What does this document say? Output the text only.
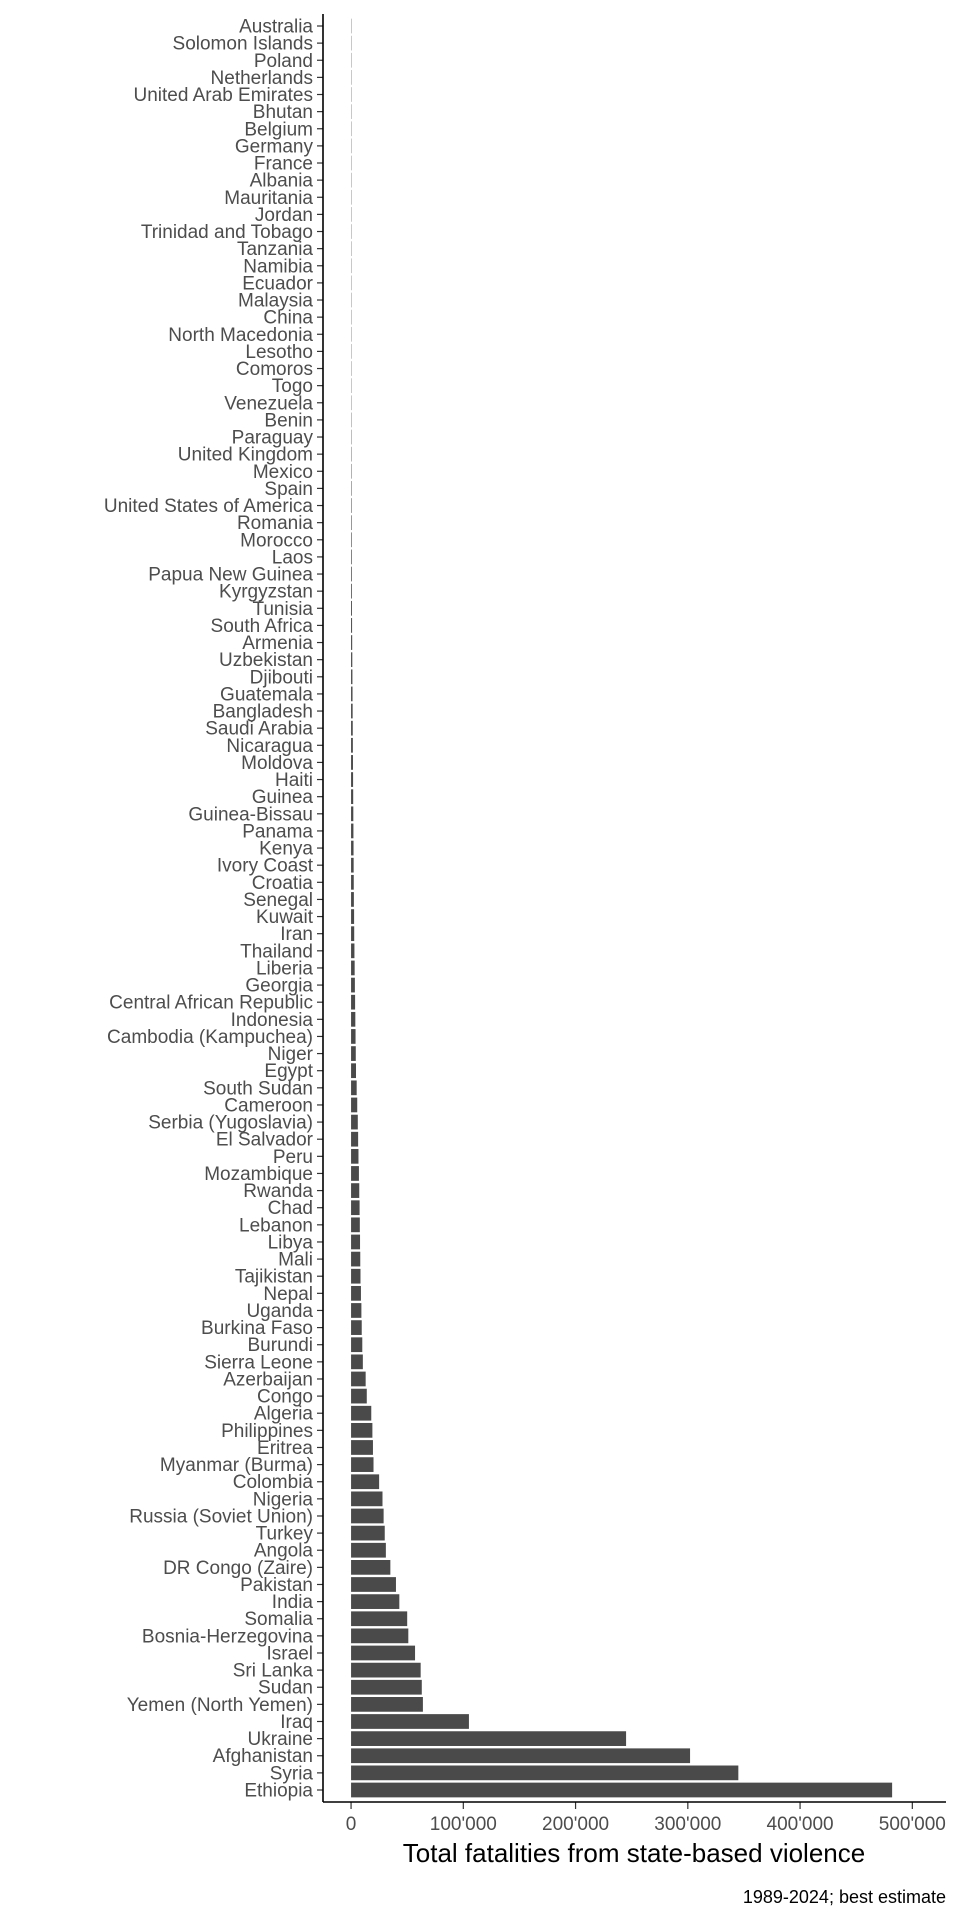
Australia
Solomon Islands
Poland
Netherlands
United Arab Emirates
Bhutan
Belgium
Germany
France
Albania
Mauritania
Jordan
Trinidad and Tobago
Tanzania
Namibia
Ecuador
Malaysia
China
North Macedonia
Lesotho
Comoros
Togo
Venezuela
Benin
Paraguay
United Kingdom
Mexico
Spain
United States of America
Romania
Morocco
Laos
Papua New Guinea
Kyrgyzstan
Tunisia
South Africa
Armenia
Uzbekistan
Djibouti
Guatemala
Bangladesh
Saudi Arabia
Nicaragua
Moldova
Haiti
Guinea
Guinea-Bissau
Panama
Kenya
Ivory Coast
Croatia
Senegal
Kuwait
Iran
Thailand
Liberia
Georgia
Central African Republic
Indonesia
Cambodia (Kampuchea)
Niger
Egypt
South Sudan
Cameroon
Serbia (Yugoslavia)
El Salvador
Peru
Mozambique
Rwanda
Chad
Lebanon
Libya
Mali
Tajikistan
Nepal
Uganda
Burkina Faso
Burundi
Sierra Leone
Azerbaijan
Congo
Algeria
Philippines
Eritrea
Myanmar (Burma)
Colombia
Nigeria
Russia (Soviet Union)
Turkey
Angola
DR Congo (Zaire)
Pakistan
India
Somalia
Bosnia-Herzegovina
Israel
Sri Lanka
Sudan
Yemen (North Yemen)
Iraq
Ukraine
Afghanistan
Syria
Ethiopia
0	100'000 200'000 300'000 400'000 500'000
Total fatalities from state-based violence
1989-2024; best estimate
